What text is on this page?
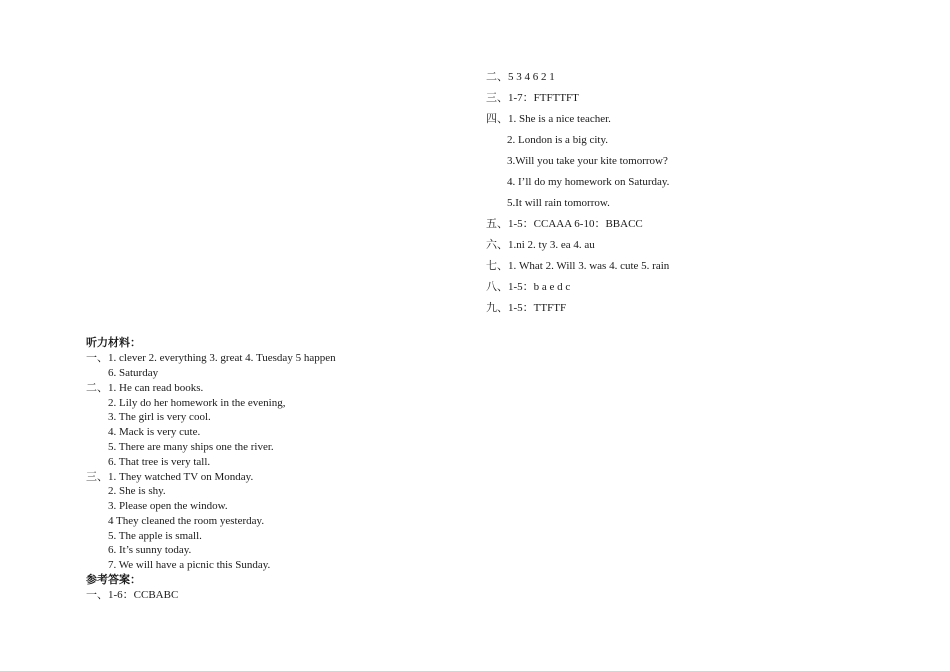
二、5 3 4 6 2 1
三、1-7：FTFTTFT
四、1. She is a nice teacher.
2. London is a big city.
3.Will you take your kite tomorrow?
4. I’ll do my homework on Saturday.
5.It will rain tomorrow.
五、1-5：CCAAA 6-10：BBACC
六、1.ni 2. ty 3. ea 4. au
七、1. What 2. Will 3. was 4. cute 5. rain
八、1-5：b a e d c
九、1-5：TTFTF
听力材料：
一、1. clever 2. everything 3. great 4. Tuesday 5 happen
6. Saturday
二、1. He can read books.
2. Lily do her homework in the evening,
3. The girl is very cool.
4. Mack is very cute.
5. There are many ships one the river.
6. That tree is very tall.
三、1. They watched TV on Monday.
2. She is shy.
3. Please open the window.
4 They cleaned the room yesterday.
5. The apple is small.
6. It’s sunny today.
7. We will have a picnic this Sunday.
参考答案：
一、1-6：CCBABC
